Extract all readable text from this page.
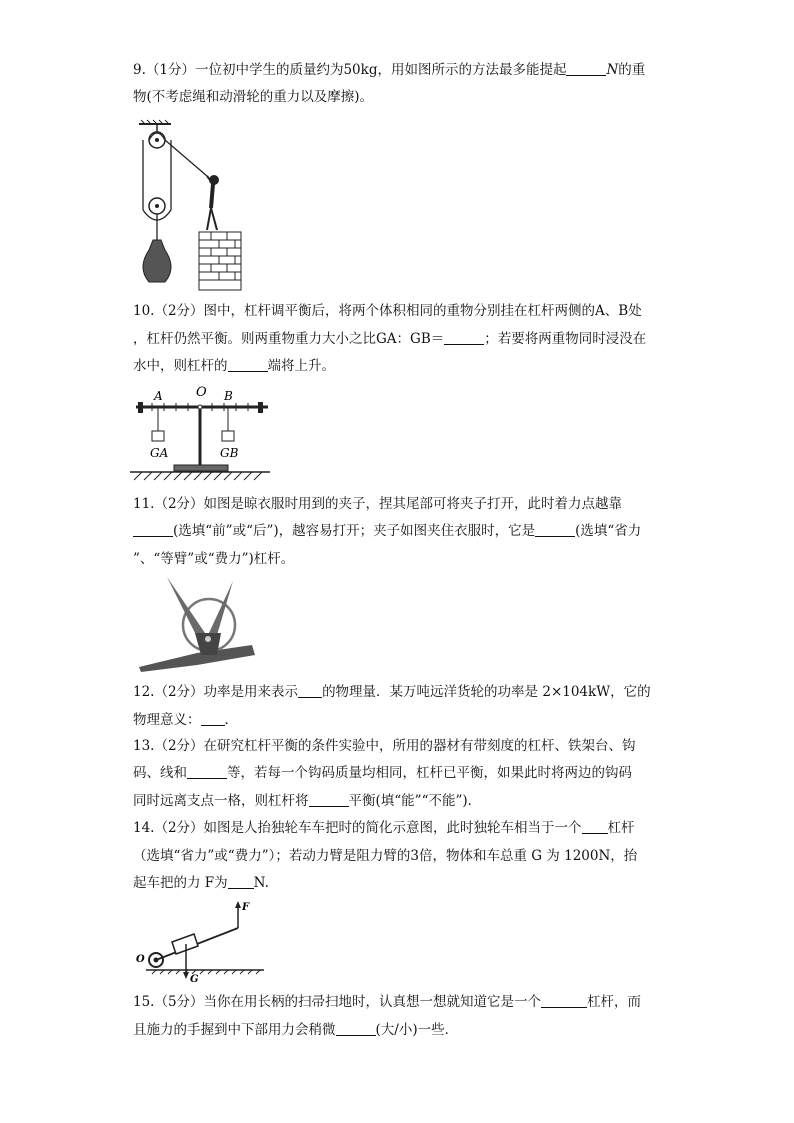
9.（1分）一位初中学生的质量约为50kg，用如图所示的方法最多能提起	N的重
物(不考虑绳和动滑轮的重力以及摩擦)。
10.（2分）图中，杠杆调平衡后，将两个体积相同的重物分别挂在杠杆两侧的A、B处
，杠杆仍然平衡。则两重物重力大小之比GA：GB＝	；若要将两重物同时浸没在
水中，则杠杆的	端将上升。
A	O B
GA	GB
11.（2分）如图是晾衣服时用到的夹子，捏其尾部可将夹子打开，此时着力点越靠
(选填“前”或“后”)，越容易打开；夹子如图夹住衣服时，它是	(选填“省力
”、“等臂”或“费力”)杠杆。
12.（2分）功率是用来表示 的物理量．某万吨远洋货轮的功率是 2×104kW，它的
物理意义： ．
13.（2分）在研究杠杆平衡的条件实验中，所用的器材有带刻度的杠杆、铁架台、钩
码、线和	等，若每一个钩码质量均相同，杠杆已平衡，如果此时将两边的钩码
同时远离支点一格，则杠杆将	平衡(填“能”“不能”)．
14.（2分）如图是人抬独轮车车把时的简化示意图，此时独轮车相当于一个 杠杆
（选填“省力”或“费力”）；若动力臂是阻力臂的3倍，物体和车总重 G 为 1200N，抬
起车把的力 F为 N.
F
O
G
15.（5分）当你在用长柄的扫帚扫地时，认真想一想就知道它是一个	杠杆，而
且施力的手握到中下部用力会稍微	(大/小)一些．
